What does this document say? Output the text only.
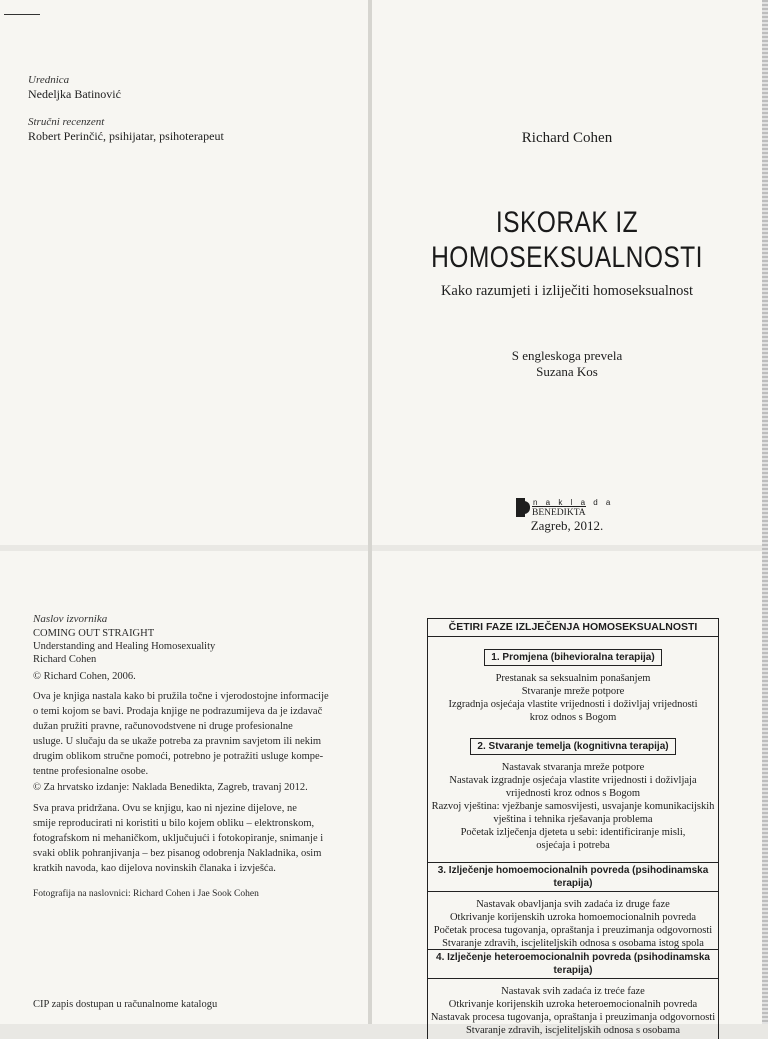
Urednica
Nedeljka Batinović
Stručni recenzent
Robert Perinčić, psihijatar, psihoterapeut	Richard Cohen
ISKORAK IZ
HOMOSEKSUALNOSTI
Kako razumjeti i izliječiti homoseksualnost
S engleskoga prevela
Suzana Kos
n a k l a d a
BENEDIKTA
Zagreb, 2012.
Naslov izvornika
COMING OUT STRAIGHT
Understanding and Healing Homosexuality
Richard Cohen
© Richard Cohen, 2006.

Ova je knjiga nastala kako bi pružila točne i vjerodostojne informacije

o temi kojom se bavi. Prodaja knjige ne podrazumijeva da je izdavač

dužan pružiti pravne, računovodstvene ni druge profesionalne

usluge. U slučaju da se ukaže potreba za pravnim savjetom ili nekim

drugim oblikom stručne pomoći, potrebno je potražiti usluge kompe-

tentne profesionalne osobe.

© Za hrvatsko izdanje: Naklada Benedikta, Zagreb, travanj 2012.

Sva prava pridržana. Ovu se knjigu, kao ni njezine dijelove, ne

smije reproducirati ni koristiti u bilo kojem obliku – elektronskom,

fotografskom ni mehaničkom, uključujući i fotokopiranje, snimanje i

svaki oblik pohranjivanja – bez pisanog odobrenja Nakladnika, osim

kratkih navoda, kao dijelova novinskih članaka i izvješća.

Fotografija na naslovnici: Richard Cohen i Jae Sook Cohen
CIP zapis dostupan u računalnome katalogu
ČETIRI FAZE IZLJEČENJA HOMOSEKSUALNOSTI
1. Promjena (bihevioralna terapija)
Prestanak sa seksualnim ponašanjem
Stvaranje mreže potpore
Izgradnja osjećaja vlastite vrijednosti i doživljaj vrijednosti
kroz odnos s Bogom
2. Stvaranje temelja (kognitivna terapija)
Nastavak stvaranja mreže potpore
Nastavak izgradnje osjećaja vlastite vrijednosti i doživljaja
vrijednosti kroz odnos s Bogom
Razvoj vještina: vježbanje samosvijesti, usvajanje komunikacijskih
vještina i tehnika rješavanja problema
Početak izlječenja djeteta u sebi: identificiranje misli,
osjećaja i potreba
3. Izlječenje homoemocionalnih povreda (psihodinamska terapija)
Nastavak obavljanja svih zadaća iz druge faze
Otkrivanje korijenskih uzroka homoemocionalnih povreda
Početak procesa tugovanja, opraštanja i preuzimanja odgovornosti
Stvaranje zdravih, iscjeliteljskih odnosa s osobama istog spola
4. Izlječenje heteroemocionalnih povreda (psihodinamska terapija)
Nastavak svih zadaća iz treće faze
Otkrivanje korijenskih uzroka heteroemocionalnih povreda
Nastavak procesa tugovanja, opraštanja i preuzimanja odgovornosti
Stvaranje zdravih, iscjeliteljskih odnosa s osobama
